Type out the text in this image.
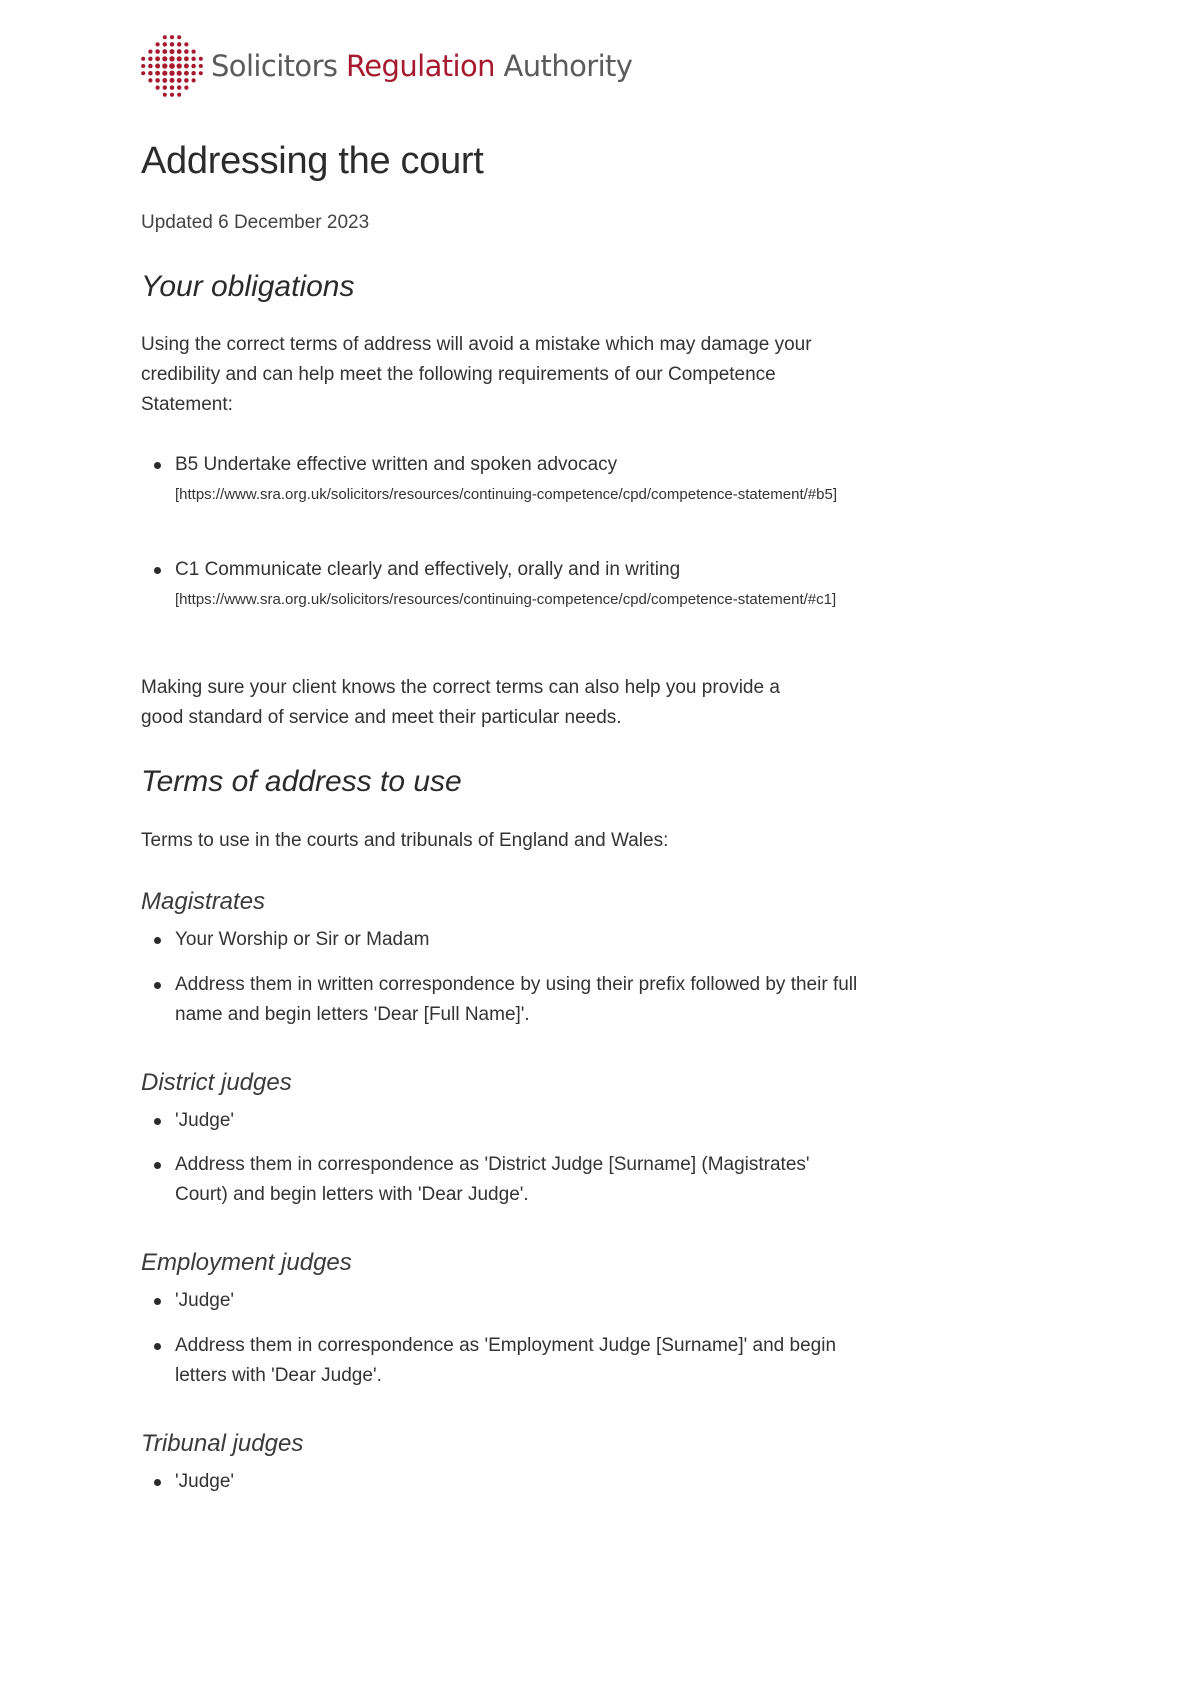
Solicitors Regulation Authority
Addressing the court
Updated 6 December 2023
Your obligations
Using the correct terms of address will avoid a mistake which may damage your credibility and can help meet the following requirements of our Competence Statement:
B5 Undertake effective written and spoken advocacy
[https://www.sra.org.uk/solicitors/resources/continuing-competence/cpd/competence-statement/#b5]
C1 Communicate clearly and effectively, orally and in writing
[https://www.sra.org.uk/solicitors/resources/continuing-competence/cpd/competence-statement/#c1]
Making sure your client knows the correct terms can also help you provide a good standard of service and meet their particular needs.
Terms of address to use
Terms to use in the courts and tribunals of England and Wales:
Magistrates
Your Worship or Sir or Madam
Address them in written correspondence by using their prefix followed by their full name and begin letters 'Dear [Full Name]'.
District judges
'Judge'
Address them in correspondence as 'District Judge [Surname] (Magistrates' Court) and begin letters with 'Dear Judge'.
Employment judges
'Judge'
Address them in correspondence as 'Employment Judge [Surname]' and begin letters with 'Dear Judge'.
Tribunal judges
'Judge'
